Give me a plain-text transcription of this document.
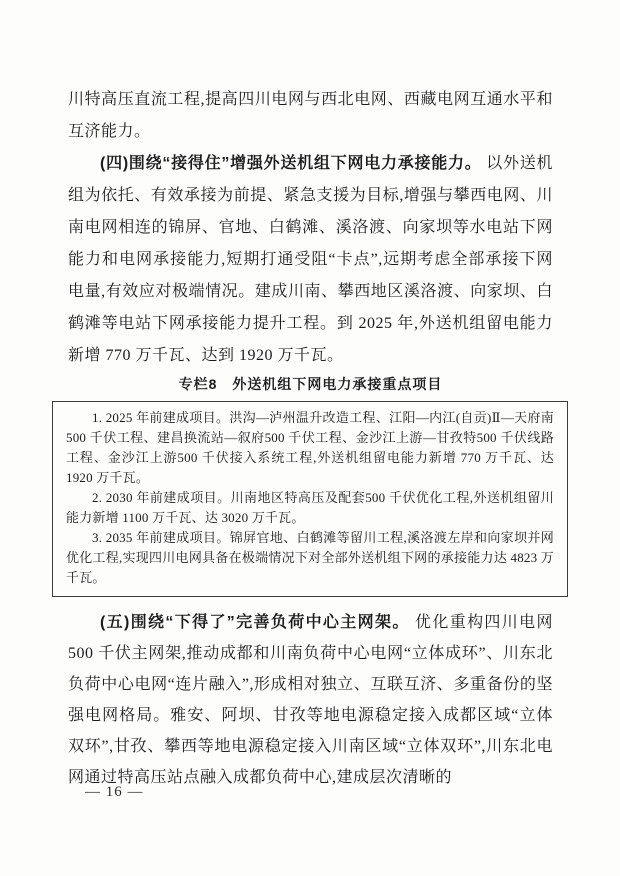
川特高压直流工程,提高四川电网与西北电网、西藏电网互通水平和互济能力。

(四)围绕“接得住”增强外送机组下网电力承接能力。 以外送机组为依托、有效承接为前提、紧急支援为目标,增强与攀西电网、川南电网相连的锦屏、官地、白鹤滩、溪洛渡、向家坝等水电站下网能力和电网承接能力,短期打通受阻“卡点”,远期考虑全部承接下网电量,有效应对极端情况。建成川南、攀西地区溪洛渡、向家坝、白鹤滩等电站下网承接能力提升工程。到 2025 年,外送机组留电能力新增 770 万千瓦、达到 1920 万千瓦。

专栏8　外送机组下网电力承接重点项目

1. 2025 年前建成项目。洪沟—泸州温升改造工程、江阳—内江(自贡)Ⅱ—天府南500 千伏工程、建昌换流站—叙府500 千伏工程、金沙江上游—甘孜特500 千伏线路工程、金沙江上游500 千伏接入系统工程,外送机组留电能力新增 770 万千瓦、达 1920 万千瓦。

2. 2030 年前建成项目。川南地区特高压及配套500 千伏优化工程,外送机组留川能力新增 1100 万千瓦、达 3020 万千瓦。

3. 2035 年前建成项目。锦屏官地、白鹤滩等留川工程,溪洛渡左岸和向家坝并网优化工程,实现四川电网具备在极端情况下对全部外送机组下网的承接能力达 4823 万千瓦。

(五)围绕“下得了”完善负荷中心主网架。 优化重构四川电网 500 千伏主网架,推动成都和川南负荷中心电网“立体成环”、川东北负荷中心电网“连片融入”,形成相对独立、互联互济、多重备份的坚强电网格局。雅安、阿坝、甘孜等地电源稳定接入成都区域“立体双环”,甘孜、攀西等地电源稳定接入川南区域“立体双环”,川东北电网通过特高压站点融入成都负荷中心,建成层次清晰的

— 16 —
